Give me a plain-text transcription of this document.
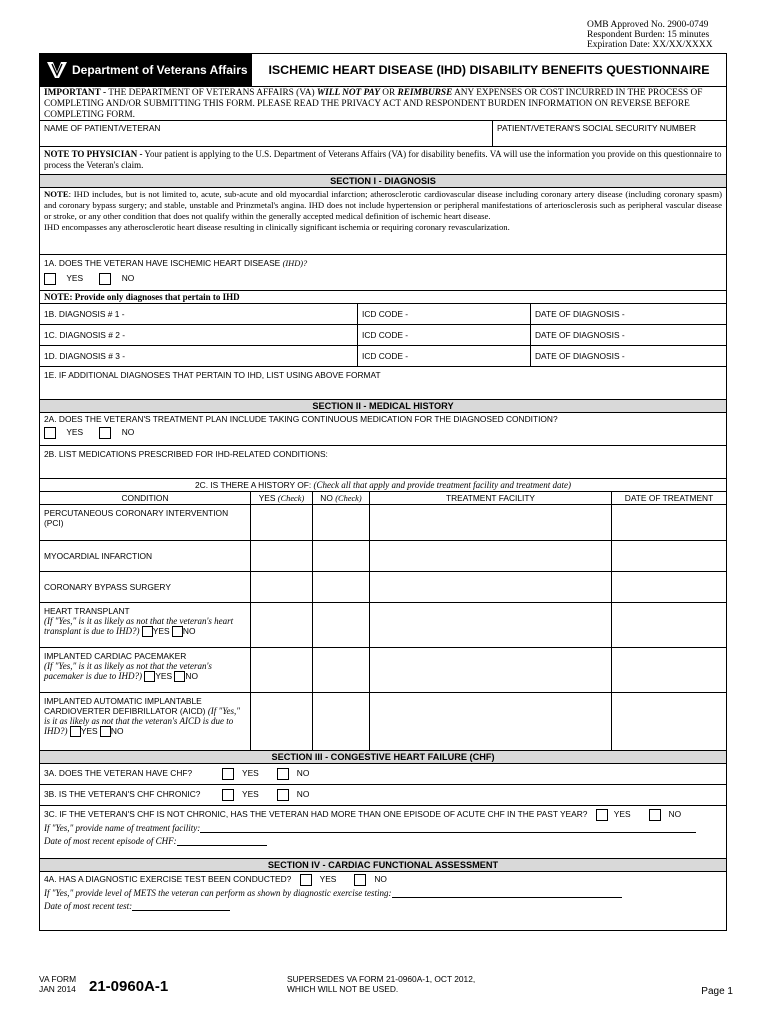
OMB Approved No. 2900-0749
Respondent Burden: 15 minutes
Expiration Date: XX/XX/XXXX
Department of Veterans Affairs	ISCHEMIC HEART DISEASE (IHD) DISABILITY BENEFITS QUESTIONNAIRE
IMPORTANT - THE DEPARTMENT OF VETERANS AFFAIRS (VA) WILL NOT PAY OR REIMBURSE ANY EXPENSES OR COST INCURRED IN THE PROCESS OF COMPLETING AND/OR SUBMITTING THIS FORM. PLEASE READ THE PRIVACY ACT AND RESPONDENT BURDEN INFORMATION ON REVERSE BEFORE COMPLETING FORM.
NAME OF PATIENT/VETERAN	PATIENT/VETERAN'S SOCIAL SECURITY NUMBER
NOTE TO PHYSICIAN - Your patient is applying to the U.S. Department of Veterans Affairs (VA) for disability benefits. VA will use the information you provide on this questionnaire to process the Veteran's claim.
SECTION I - DIAGNOSIS
NOTE: IHD includes, but is not limited to, acute, sub-acute and old myocardial infarction; atherosclerotic cardiovascular disease including coronary artery disease (including coronary spasm) and coronary bypass surgery; and stable, unstable and Prinzmetal's angina. IHD does not include hypertension or peripheral manifestations of arteriosclerosis such as peripheral vascular disease or stroke, or any other condition that does not qualify within the generally accepted medical definition of ischemic heart disease.
IHD encompasses any atherosclerotic heart disease resulting in clinically significant ischemia or requiring coronary revascularization.
1A. DOES THE VETERAN HAVE ISCHEMIC HEART DISEASE (IHD)?
YES	NO
NOTE: Provide only diagnoses that pertain to IHD
1B. DIAGNOSIS # 1 -	ICD CODE -	DATE OF DIAGNOSIS -
1C. DIAGNOSIS # 2 -	ICD CODE -	DATE OF DIAGNOSIS -
1D. DIAGNOSIS # 3 -	ICD CODE -	DATE OF DIAGNOSIS -
1E. IF ADDITIONAL DIAGNOSES THAT PERTAIN TO IHD, LIST USING ABOVE FORMAT
SECTION II - MEDICAL HISTORY
2A. DOES THE VETERAN'S TREATMENT PLAN INCLUDE TAKING CONTINUOUS MEDICATION FOR THE DIAGNOSED CONDITION?
YES	NO
2B. LIST MEDICATIONS PRESCRIBED FOR IHD-RELATED CONDITIONS:
2C. IS THERE A HISTORY OF: (Check all that apply and provide treatment facility and treatment date)
CONDITION	YES (Check)	NO (Check)	TREATMENT FACILITY	DATE OF TREATMENT
PERCUTANEOUS CORONARY INTERVENTION (PCI)
MYOCARDIAL INFARCTION
CORONARY BYPASS SURGERY
HEART TRANSPLANT
(If "Yes," is it as likely as not that the veteran's heart transplant is due to IHD?) YES NO
IMPLANTED CARDIAC PACEMAKER
(If "Yes," is it as likely as not that the veteran's pacemaker is due to IHD?) YES NO
IMPLANTED AUTOMATIC IMPLANTABLE CARDIOVERTER DEFIBRILLATOR (AICD) (If "Yes," is it as likely as not that the veteran's AICD is due to IHD?) YES NO
SECTION III - CONGESTIVE HEART FAILURE (CHF)
3A. DOES THE VETERAN HAVE CHF?	YES	NO
3B. IS THE VETERAN'S CHF CHRONIC?	YES	NO
3C. IF THE VETERAN'S CHF IS NOT CHRONIC, HAS THE VETERAN HAD MORE THAN ONE EPISODE OF ACUTE CHF IN THE PAST YEAR?	YES	NO
If "Yes," provide name of treatment facility:
Date of most recent episode of CHF:
SECTION IV - CARDIAC FUNCTIONAL ASSESSMENT
4A. HAS A DIAGNOSTIC EXERCISE TEST BEEN CONDUCTED?	YES	NO
If "Yes," provide level of METS the veteran can perform as shown by diagnostic exercise testing:
Date of most recent test:
VA FORM
JAN 2014 21-0960A-1	SUPERSEDES VA FORM 21-0960A-1, OCT 2012,
WHICH WILL NOT BE USED.	Page 1
